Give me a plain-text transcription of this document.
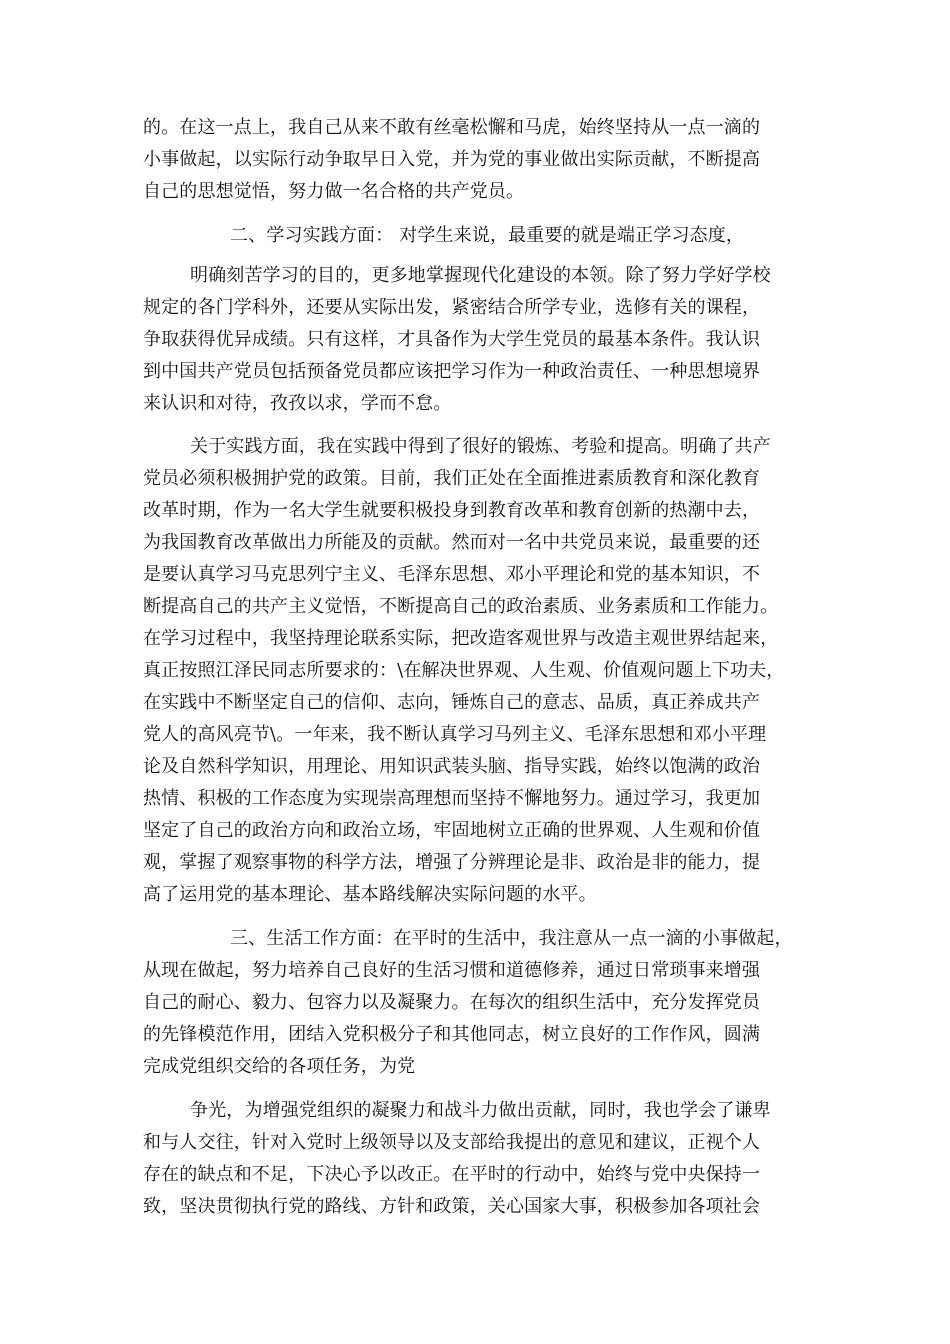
的。在这一点上，我自己从来不敢有丝毫松懈和马虎，始终坚持从一点一滴的
小事做起，以实际行动争取早日入党，并为党的事业做出实际贡献，不断提高
自己的思想觉悟，努力做一名合格的共产党员。
二、学习实践方面： 对学生来说，最重要的就是端正学习态度，
明确刻苦学习的目的，更多地掌握现代化建设的本领。除了努力学好学校
规定的各门学科外，还要从实际出发，紧密结合所学专业，选修有关的课程，
争取获得优异成绩。只有这样，才具备作为大学生党员的最基本条件。我认识
到中国共产党员包括预备党员都应该把学习作为一种政治责任、一种思想境界
来认识和对待，孜孜以求，学而不怠。
关于实践方面，我在实践中得到了很好的锻炼、考验和提高。明确了共产
党员必须积极拥护党的政策。目前，我们正处在全面推进素质教育和深化教育
改革时期，作为一名大学生就要积极投身到教育改革和教育创新的热潮中去，
为我国教育改革做出力所能及的贡献。然而对一名中共党员来说，最重要的还
是要认真学习马克思列宁主义、毛泽东思想、邓小平理论和党的基本知识，不
断提高自己的共产主义觉悟，不断提高自己的政治素质、业务素质和工作能力。
在学习过程中，我坚持理论联系实际，把改造客观世界与改造主观世界结起来，
真正按照江泽民同志所要求的：\在解决世界观、人生观、价值观问题上下功夫，
在实践中不断坚定自己的信仰、志向，锤炼自己的意志、品质，真正养成共产
党人的高风亮节\。一年来，我不断认真学习马列主义、毛泽东思想和邓小平理
论及自然科学知识，用理论、用知识武装头脑、指导实践，始终以饱满的政治
热情、积极的工作态度为实现崇高理想而坚持不懈地努力。通过学习，我更加
坚定了自己的政治方向和政治立场，牢固地树立正确的世界观、人生观和价值
观，掌握了观察事物的科学方法，增强了分辨理论是非、政治是非的能力，提
高了运用党的基本理论、基本路线解决实际问题的水平。
三、生活工作方面：在平时的生活中，我注意从一点一滴的小事做起，
从现在做起，努力培养自己良好的生活习惯和道德修养，通过日常琐事来增强
自己的耐心、毅力、包容力以及凝聚力。在每次的组织生活中，充分发挥党员
的先锋模范作用，团结入党积极分子和其他同志，树立良好的工作作风，圆满
完成党组织交给的各项任务，为党
争光，为增强党组织的凝聚力和战斗力做出贡献，同时，我也学会了谦卑
和与人交往，针对入党时上级领导以及支部给我提出的意见和建议，正视个人
存在的缺点和不足，下决心予以改正。在平时的行动中，始终与党中央保持一
致，坚决贯彻执行党的路线、方针和政策，关心国家大事，积极参加各项社会
